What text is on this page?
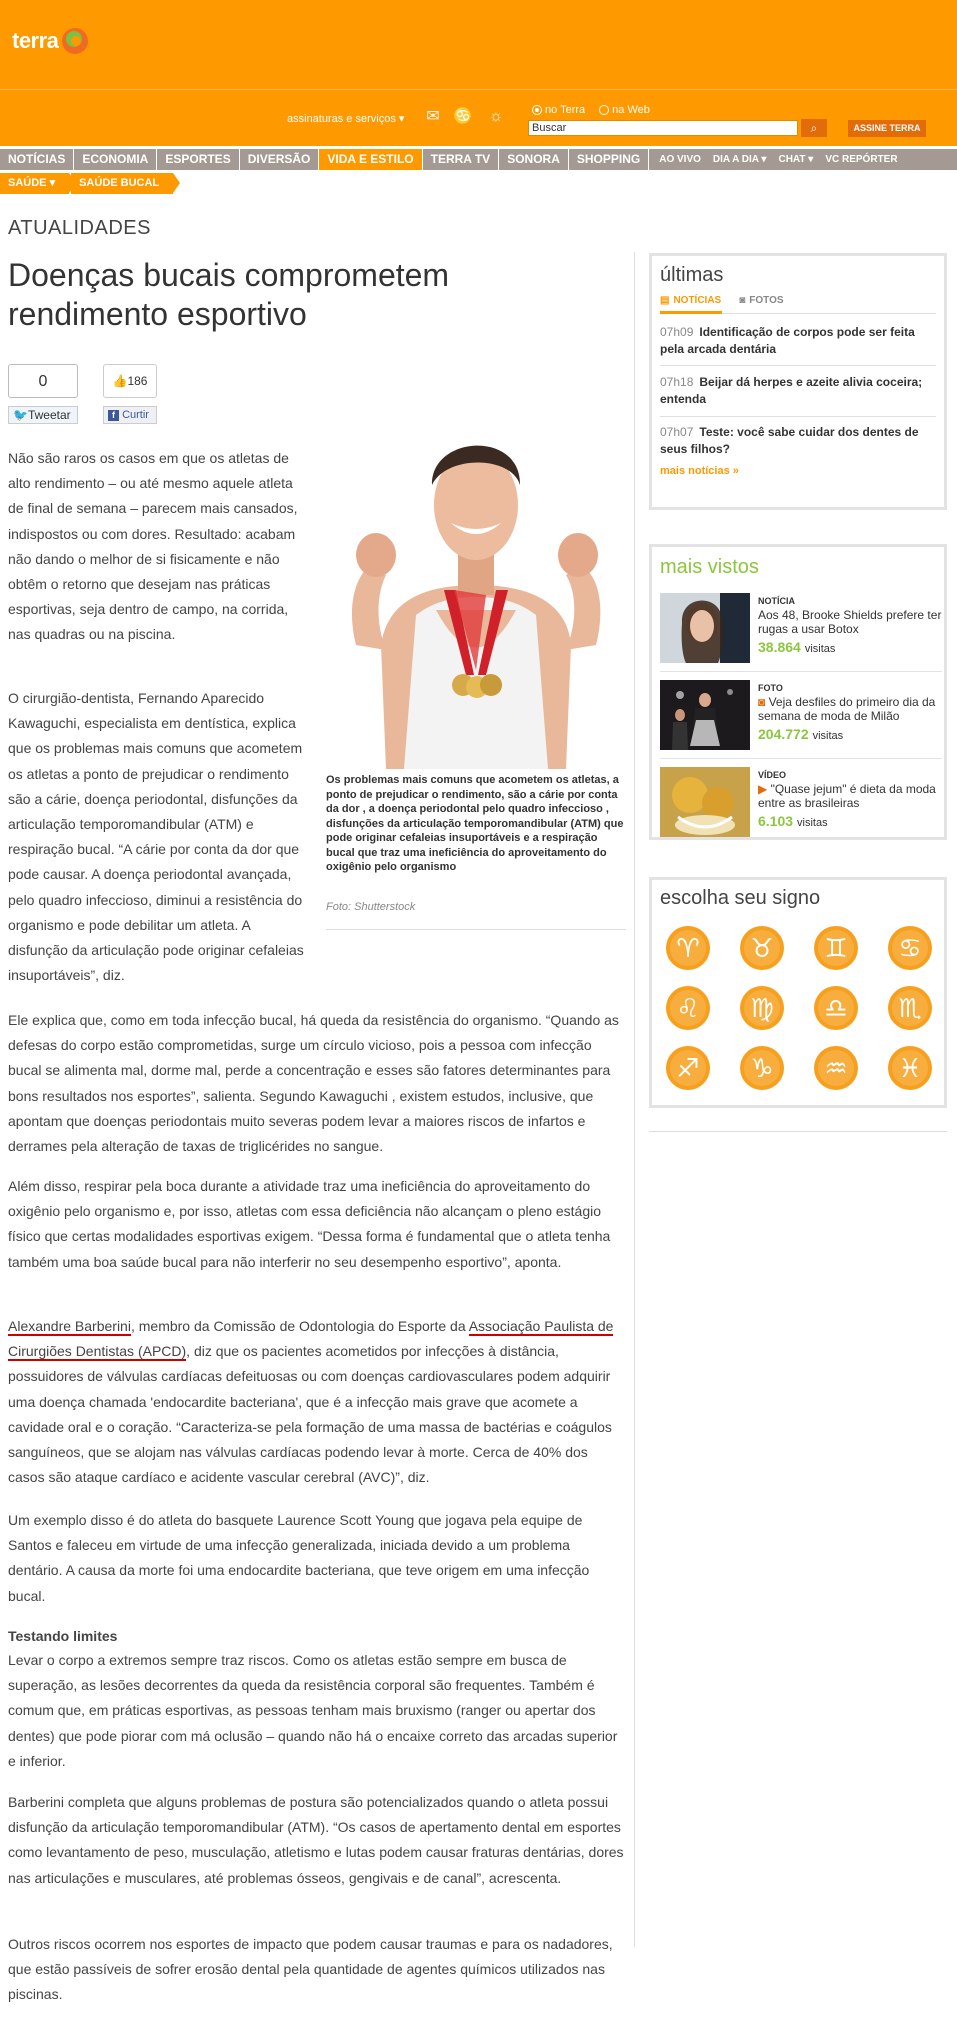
terra
assinaturas e serviços ▾ ✉ ♋ ☼	no Terra na Web
Buscar	⌕	ASSINE TERRA
NOTÍCIAS	ECONOMIA	ESPORTES	DIVERSÃO	VIDA E ESTILO	TERRA TV	SONORA	SHOPPING	AO VIVO	DIA A DIA ▾	CHAT ▾	VC REPÓRTER
SAÚDE ▾	SAÚDE BUCAL
ATUALIDADES
Doenças bucais comprometem rendimento esportivo
0
🐦Tweetar
👍186
f Curtir
Os problemas mais comuns que acometem os atletas, a ponto de prejudicar o rendimento, são a cárie por conta da dor , a doença periodontal pelo quadro infeccioso , disfunções da articulação temporomandibular (ATM) que pode originar cefaleias insuportáveis e a respiração bucal que traz uma ineficiência do aproveitamento do oxigênio pelo organismo
Foto: Shutterstock
Não são raros os casos em que os atletas de alto rendimento – ou até mesmo aquele atleta de final de semana – parecem mais cansados, indispostos ou com dores. Resultado: acabam não dando o melhor de si fisicamente e não obtêm o retorno que desejam nas práticas esportivas, seja dentro de campo, na corrida, nas quadras ou na piscina.
O cirurgião-dentista, Fernando Aparecido Kawaguchi, especialista em dentística, explica que os problemas mais comuns que acometem os atletas a ponto de prejudicar o rendimento são a cárie, doença periodontal, disfunções da articulação temporomandibular (ATM) e respiração bucal. “A cárie por conta da dor que pode causar. A doença periodontal avançada, pelo quadro infeccioso, diminui a resistência do organismo e pode debilitar um atleta. A disfunção da articulação pode originar cefaleias insuportáveis”, diz.
Ele explica que, como em toda infecção bucal, há queda da resistência do organismo. “Quando as defesas do corpo estão comprometidas, surge um círculo vicioso, pois a pessoa com infecção bucal se alimenta mal, dorme mal, perde a concentração e esses são fatores determinantes para bons resultados nos esportes”, salienta. Segundo Kawaguchi , existem estudos, inclusive, que apontam que doenças periodontais muito severas podem levar a maiores riscos de infartos e derrames pela alteração de taxas de triglicérides no sangue.
Além disso, respirar pela boca durante a atividade traz uma ineficiência do aproveitamento do oxigênio pelo organismo e, por isso, atletas com essa deficiência não alcançam o pleno estágio físico que certas modalidades esportivas exigem. “Dessa forma é fundamental que o atleta tenha também uma boa saúde bucal para não interferir no seu desempenho esportivo”, aponta.
Alexandre Barberini, membro da Comissão de Odontologia do Esporte da Associação Paulista de Cirurgiões Dentistas (APCD), diz que os pacientes acometidos por infecções à distância, possuidores de válvulas cardíacas defeituosas ou com doenças cardiovasculares podem adquirir uma doença chamada 'endocardite bacteriana', que é a infecção mais grave que acomete a cavidade oral e o coração. “Caracteriza-se pela formação de uma massa de bactérias e coágulos sanguíneos, que se alojam nas válvulas cardíacas podendo levar à morte. Cerca de 40% dos casos são ataque cardíaco e acidente vascular cerebral (AVC)”, diz.
Um exemplo disso é do atleta do basquete Laurence Scott Young que jogava pela equipe de Santos e faleceu em virtude de uma infecção generalizada, iniciada devido a um problema dentário. A causa da morte foi uma endocardite bacteriana, que teve origem em uma infecção bucal.
Testando limites
Levar o corpo a extremos sempre traz riscos. Como os atletas estão sempre em busca de superação, as lesões decorrentes da queda da resistência corporal são frequentes. Também é comum que, em práticas esportivas, as pessoas tenham mais bruxismo (ranger ou apertar dos dentes) que pode piorar com má oclusão – quando não há o encaixe correto das arcadas superior e inferior.
Barberini completa que alguns problemas de postura são potencializados quando o atleta possui disfunção da articulação temporomandibular (ATM). “Os casos de apertamento dental em esportes como levantamento de peso, musculação, atletismo e lutas podem causar fraturas dentárias, dores nas articulações e musculares, até problemas ósseos, gengivais e de canal”, acrescenta.
Outros riscos ocorrem nos esportes de impacto que podem causar traumas e para os nadadores, que estão passíveis de sofrer erosão dental pela quantidade de agentes químicos utilizados nas piscinas.
últimas
▤ NOTÍCIAS ◙ FOTOS
07h09 Identificação de corpos pode ser feita pela arcada dentária
07h18 Beijar dá herpes e azeite alivia coceira; entenda
07h07 Teste: você sabe cuidar dos dentes de seus filhos?
mais notícias »
mais vistos
NOTÍCIA
Aos 48, Brooke Shields prefere ter rugas a usar Botox
38.864 visitas
FOTO
◙ Veja desfiles do primeiro dia da semana de moda de Milão
204.772 visitas
VÍDEO
▶ "Quase jejum" é dieta da moda entre as brasileiras
6.103 visitas
escolha seu signo
♈ ♉ ♊ ♋
♌ ♍ ♎ ♏
♐ ♑ ♒ ♓
